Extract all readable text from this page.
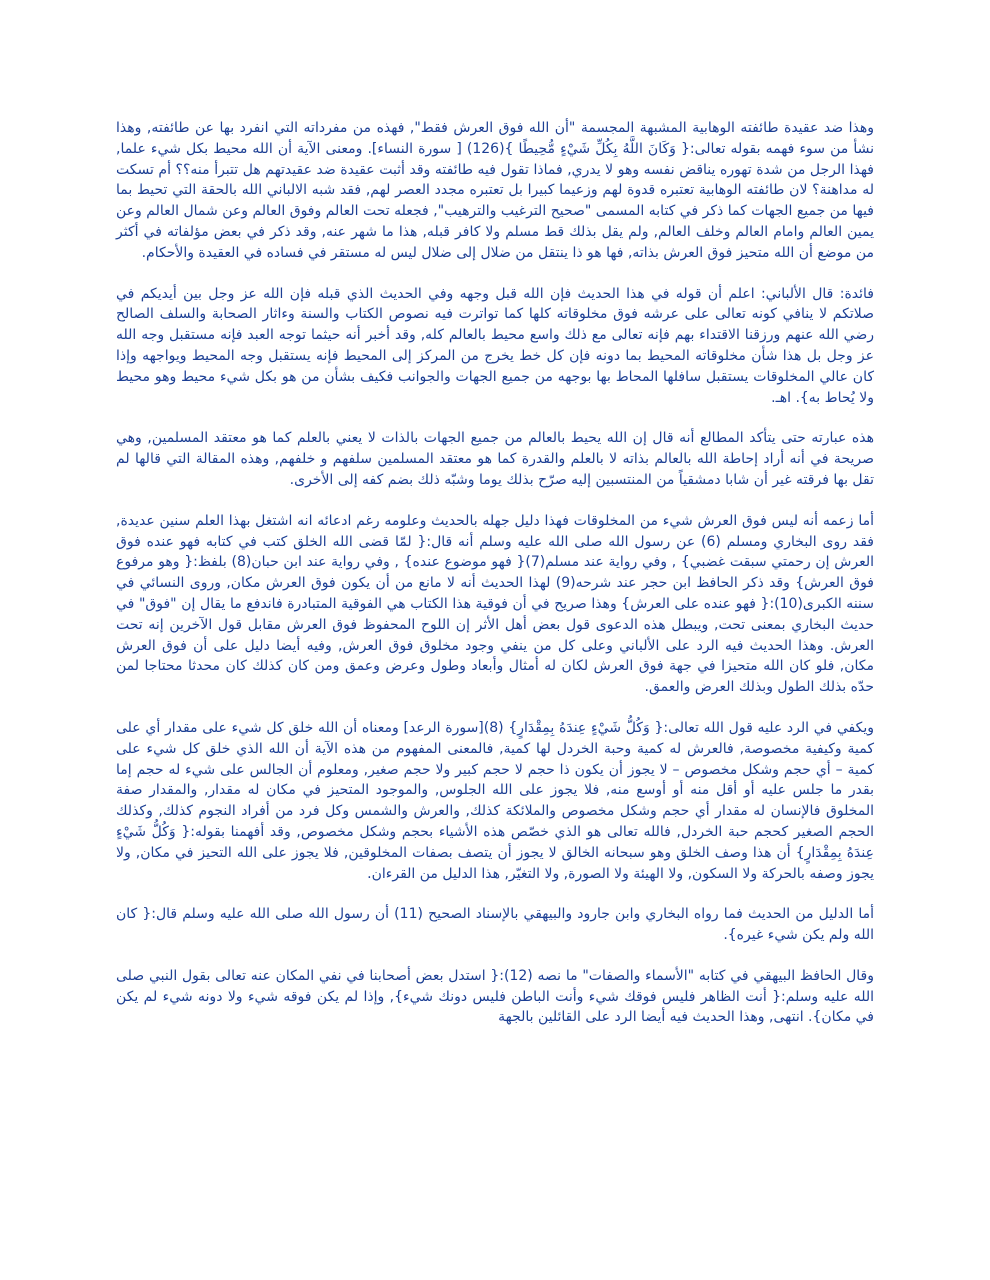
وهذا ضد عقيدة طائفته الوهابية المشبهة المجسمة "أن الله فوق العرش فقط", فهذه من مفرداته التي انفرد بها عن طائفته, وهذا نشأ من سوء فهمه بقوله تعالى:{ وَكَانَ اللَّهُ بِكُلِّ شَيْءٍ مُّحِيطًا }(126) [ سورة النساء]. ومعنى الآية أن الله محيط بكل شيء علما, فهذا الرجل من شدة تهوره يناقض نفسه وهو لا يدري, فماذا تقول فيه طائفته وقد أثبت عقيدة ضد عقيدتهم هل تتبرأ منه؟؟ أم تسكت له مداهنة؟ لان طائفته الوهابية تعتبره قدوة لهم وزعيما كبيرا بل تعتبره مجدد العصر لهم, فقد شبه الالباني الله بالحقة التي تحيط بما فيها من جميع الجهات كما ذكر في كتابه المسمى "صحيح الترغيب والترهيب", فجعله تحت العالم وفوق العالم وعن شمال العالم وعن يمين العالم وامام العالم وخلف العالم, ولم يقل بذلك قط مسلم ولا كافر قبله, هذا ما شهر عنه, وقد ذكر في بعض مؤلفاته في أكثر من موضع أن الله متحيز فوق العرش بذاته, فها هو ذا ينتقل من ضلال إلى ضلال ليس له مستقر في فساده في العقيدة والأحكام.

فائدة: قال الألباني: اعلم أن قوله في هذا الحديث فإن الله قبل وجهه وفي الحديث الذي قبله فإن الله عز وجل بين أيديكم في صلاتكم لا ينافي كونه تعالى على عرشه فوق مخلوقاته كلها كما تواترت فيه نصوص الكتاب والسنة وءاثار الصحابة والسلف الصالح رضي الله عنهم ورزقنا الاقتداء بهم فإنه تعالى مع ذلك واسع محيط بالعالم كله, وقد أخبر أنه حيثما توجه العبد فإنه مستقبل وجه الله عز وجل بل هذا شأن مخلوقاته المحيط بما دونه فإن كل خط يخرج من المركز إلى المحيط فإنه يستقبل وجه المحيط ويواجهه وإذا كان عالي المخلوقات يستقبل سافلها المحاط بها بوجهه من جميع الجهات والجوانب فكيف بشأن من هو بكل شيء محيط وهو محيط ولا يُحاط به}. اهـ.

هذه عبارته حتى يتأكد المطالع أنه قال إن الله يحيط بالعالم من جميع الجهات بالذات لا يعني بالعلم كما هو معتقد المسلمين, وهي صريحة في أنه أراد إحاطة الله بالعالم بذاته لا بالعلم والقدرة كما هو معتقد المسلمين سلفهم و خلفهم, وهذه المقالة التي قالها لم تقل بها فرقته غير أن شابا دمشقياً من المنتسبين إليه صرّح بذلك يوما وشبّه ذلك بضم كفه إلى الأخرى.

أما زعمه أنه ليس فوق العرش شيء من المخلوقات فهذا دليل جهله بالحديث وعلومه رغم ادعائه انه اشتغل بهذا العلم سنين عديدة, فقد روى البخاري ومسلم (6) عن رسول الله صلى الله عليه وسلم أنه قال:{ لمّا قضى الله الخلق كتب في كتابه فهو عنده فوق العرش إن رحمتي سبقت غضبي} , وفي رواية عند مسلم(7){ فهو موضوع عنده} , وفي رواية عند ابن حبان(8) بلفظ:{ وهو مرفوع فوق العرش} وقد ذكر الحافظ ابن حجر عند شرحه(9) لهذا الحديث أنه لا مانع من أن يكون فوق العرش مكان, وروى النسائي في سننه الكبرى(10):{ فهو عنده على العرش} وهذا صريح في أن فوقية هذا الكتاب هي الفوقية المتبادرة فاندفع ما يقال إن "فوق" في حديث البخاري بمعنى تحت, ويبطل هذه الدعوى قول بعض أهل الأثر إن اللوح المحفوظ فوق العرش مقابل قول الآخرين إنه تحت العرش. وهذا الحديث فيه الرد على الألباني وعلى كل من ينفي وجود مخلوق فوق العرش, وفيه أيضا دليل على أن فوق العرش مكان, فلو كان الله متحيزا في جهة فوق العرش لكان له أمثال وأبعاد وطول وعرض وعمق ومن كان كذلك كان محدثا محتاجا لمن حدّه بذلك الطول وبذلك العرض والعمق.

ويكفي في الرد عليه قول الله تعالى:{ وَكُلُّ شَيْءٍ عِندَهُ بِمِقْدَارٍ} (8)[سورة الرعد] ومعناه أن الله خلق كل شيء على مقدار أي على كمية وكيفية مخصوصة, فالعرش له كمية وحبة الخردل لها كمية, فالمعنى المفهوم من هذه الآية أن الله الذي خلق كل شيء على كمية – أي حجم وشكل مخصوص – لا يجوز أن يكون ذا حجم لا حجم كبير ولا حجم صغير, ومعلوم أن الجالس على شيء له حجم إما بقدر ما جلس عليه أو أقل منه أو أوسع منه, فلا يجوز على الله الجلوس, والموجود المتحيز في مكان له مقدار, والمقدار صفة المخلوق فالإنسان له مقدار أي حجم وشكل مخصوص والملائكة كذلك, والعرش والشمس وكل فرد من أفراد النجوم كذلك, وكذلك الحجم الصغير كحجم حبة الخردل, فالله تعالى هو الذي خصّص هذه الأشياء بحجم وشكل مخصوص, وقد أفهمنا بقوله:{ وَكُلُّ شَيْءٍ عِندَهُ بِمِقْدَارٍ} أن هذا وصف الخلق وهو سبحانه الخالق لا يجوز أن يتصف بصفات المخلوقين, فلا يجوز على الله التحيز في مكان, ولا يجوز وصفه بالحركة ولا السكون, ولا الهيئة ولا الصورة, ولا التغيّر, هذا الدليل من القرءان.

أما الدليل من الحديث فما رواه البخاري وابن جارود والبيهقي بالإسناد الصحيح (11) أن رسول الله صلى الله عليه وسلم قال:{ كان الله ولم يكن شيء غيره}.

وقال الحافظ البيهقي في كتابه "الأسماء والصفات" ما نصه (12):{ استدل بعض أصحابنا في نفي المكان عنه تعالى بقول النبي صلى الله عليه وسلم:{ أنت الظاهر فليس فوقك شيء وأنت الباطن فليس دونك شيء}, وإذا لم يكن فوقه شيء ولا دونه شيء لم يكن في مكان}. انتهى, وهذا الحديث فيه أيضا الرد على القائلين بالجهة
